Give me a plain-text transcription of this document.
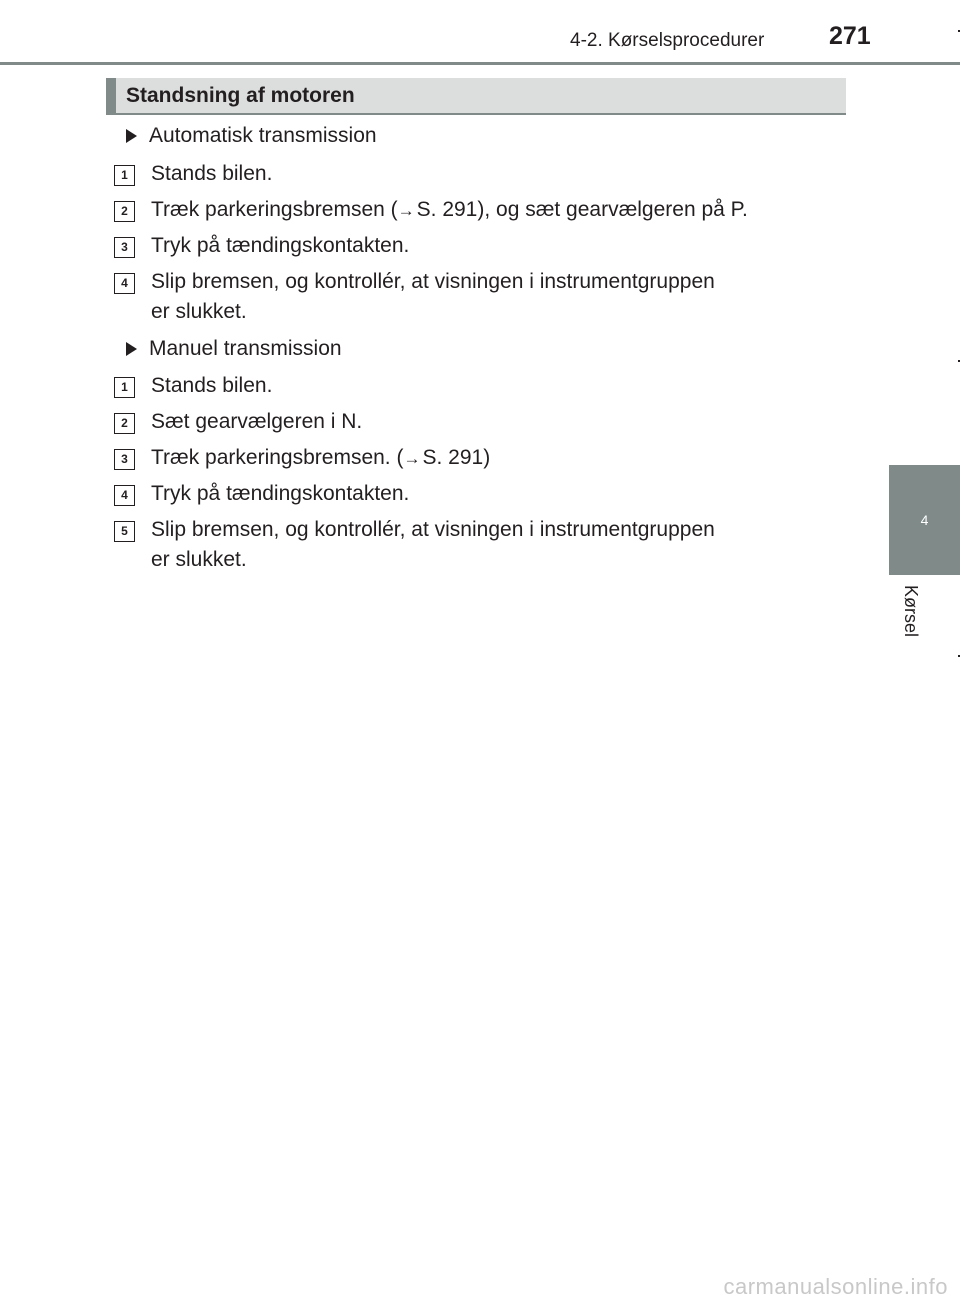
4-2. Kørselsprocedurer	271
4
Kørsel
Standsning af motoren
Automatisk transmission
1	Stands bilen.
2	Træk parkeringsbremsen (→S. 291), og sæt gearvælgeren på P.
3	Tryk på tændingskontakten.
4	Slip bremsen, og kontrollér, at visningen i instrumentgruppen
er slukket.
Manuel transmission
1	Stands bilen.
2	Sæt gearvælgeren i N.
3	Træk parkeringsbremsen. (→S. 291)
4	Tryk på tændingskontakten.
5	Slip bremsen, og kontrollér, at visningen i instrumentgruppen
er slukket.
carmanualsonline.info
